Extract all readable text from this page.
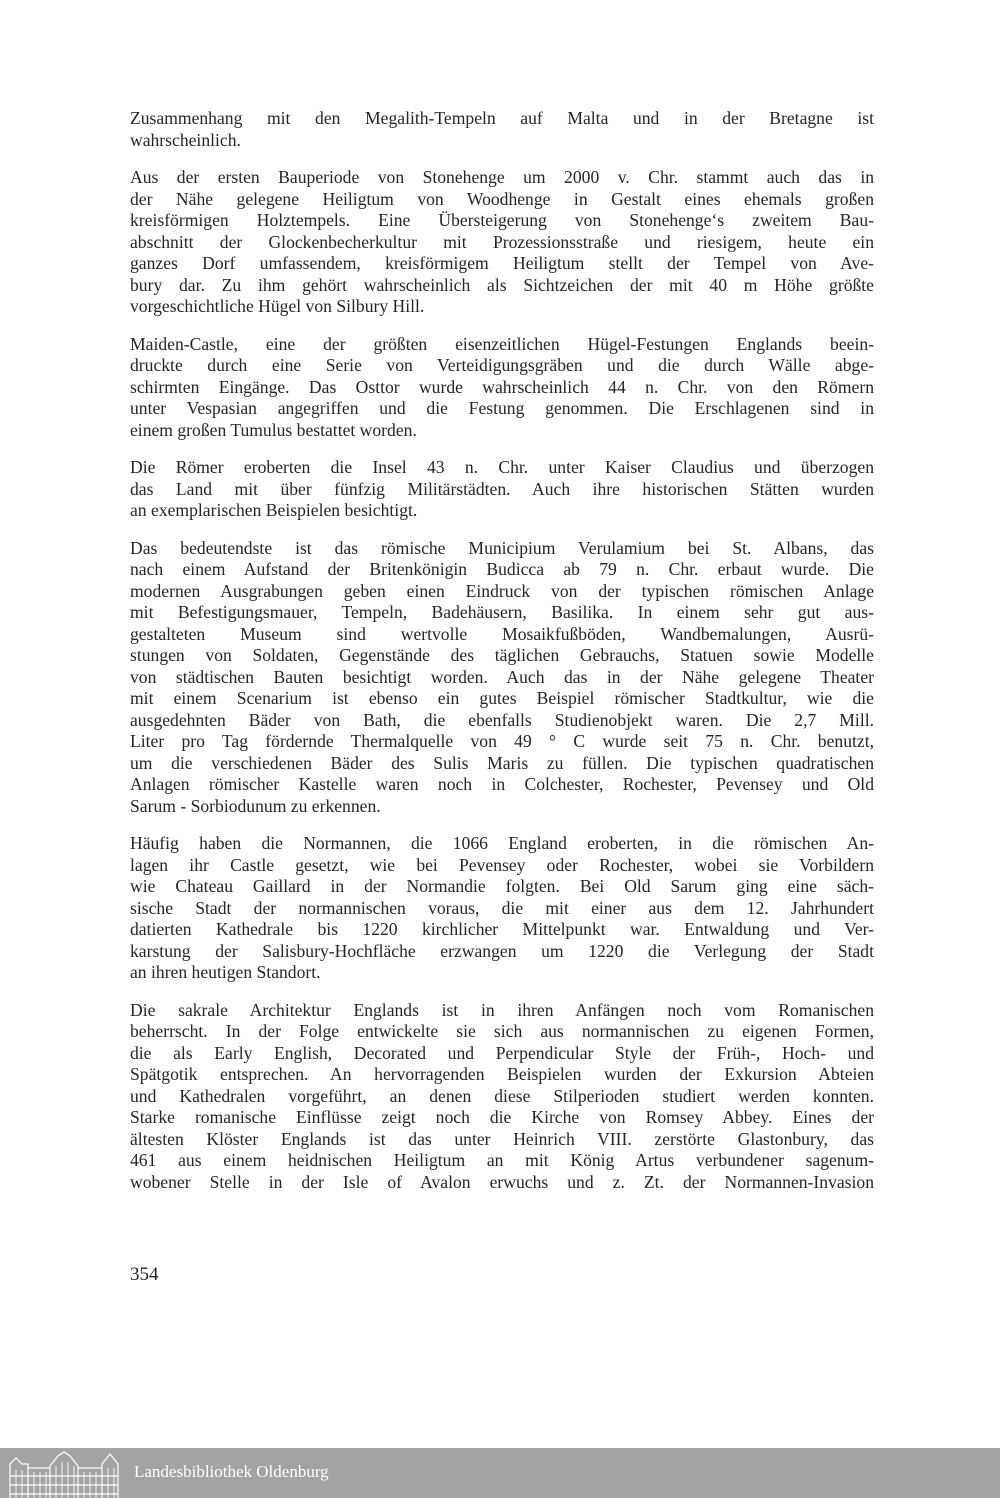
Zusammenhang mit den Megalith-Tempeln auf Malta und in der Bretagne ist
wahrscheinlich.

Aus der ersten Bauperiode von Stonehenge um 2000 v. Chr. stammt auch das in
der Nähe gelegene Heiligtum von Woodhenge in Gestalt eines ehemals großen
kreisförmigen Holztempels. Eine Übersteigerung von Stonehenge‘s zweitem Bau-
abschnitt der Glockenbecherkultur mit Prozessionsstraße und riesigem, heute ein
ganzes Dorf umfassendem, kreisförmigem Heiligtum stellt der Tempel von Ave-
bury dar. Zu ihm gehört wahrscheinlich als Sichtzeichen der mit 40 m Höhe größte
vorgeschichtliche Hügel von Silbury Hill.

Maiden-Castle, eine der größten eisenzeitlichen Hügel-Festungen Englands beein-
druckte durch eine Serie von Verteidigungsgräben und die durch Wälle abge-
schirmten Eingänge. Das Osttor wurde wahrscheinlich 44 n. Chr. von den Römern
unter Vespasian angegriffen und die Festung genommen. Die Erschlagenen sind in
einem großen Tumulus bestattet worden.

Die Römer eroberten die Insel 43 n. Chr. unter Kaiser Claudius und überzogen
das Land mit über fünfzig Militärstädten. Auch ihre historischen Stätten wurden
an exemplarischen Beispielen besichtigt.

Das bedeutendste ist das römische Municipium Verulamium bei St. Albans, das
nach einem Aufstand der Britenkönigin Budicca ab 79 n. Chr. erbaut wurde. Die
modernen Ausgrabungen geben einen Eindruck von der typischen römischen Anlage
mit Befestigungsmauer, Tempeln, Badehäusern, Basilika. In einem sehr gut aus-
gestalteten Museum sind wertvolle Mosaikfußböden, Wandbemalungen, Ausrü-
stungen von Soldaten, Gegenstände des täglichen Gebrauchs, Statuen sowie Modelle
von städtischen Bauten besichtigt worden. Auch das in der Nähe gelegene Theater
mit einem Scenarium ist ebenso ein gutes Beispiel römischer Stadtkultur, wie die
ausgedehnten Bäder von Bath, die ebenfalls Studienobjekt waren. Die 2,7 Mill.
Liter pro Tag fördernde Thermalquelle von 49 ° C wurde seit 75 n. Chr. benutzt,
um die verschiedenen Bäder des Sulis Maris zu füllen. Die typischen quadratischen
Anlagen römischer Kastelle waren noch in Colchester, Rochester, Pevensey und Old
Sarum - Sorbiodunum zu erkennen.

Häufig haben die Normannen, die 1066 England eroberten, in die römischen An-
lagen ihr Castle gesetzt, wie bei Pevensey oder Rochester, wobei sie Vorbildern
wie Chateau Gaillard in der Normandie folgten. Bei Old Sarum ging eine säch-
sische Stadt der normannischen voraus, die mit einer aus dem 12. Jahrhundert
datierten Kathedrale bis 1220 kirchlicher Mittelpunkt war. Entwaldung und Ver-
karstung der Salisbury-Hochfläche erzwangen um 1220 die Verlegung der Stadt
an ihren heutigen Standort.

Die sakrale Architektur Englands ist in ihren Anfängen noch vom Romanischen
beherrscht. In der Folge entwickelte sie sich aus normannischen zu eigenen Formen,
die als Early English, Decorated und Perpendicular Style der Früh-, Hoch- und
Spätgotik entsprechen. An hervorragenden Beispielen wurden der Exkursion Abteien
und Kathedralen vorgeführt, an denen diese Stilperioden studiert werden konnten.
Starke romanische Einflüsse zeigt noch die Kirche von Romsey Abbey. Eines der
ältesten Klöster Englands ist das unter Heinrich VIII. zerstörte Glastonbury, das
461 aus einem heidnischen Heiligtum an mit König Artus verbundener sagenum-
wobener Stelle in der Isle of Avalon erwuchs und z. Zt. der Normannen-Invasion

354
Landesbibliothek Oldenburg
